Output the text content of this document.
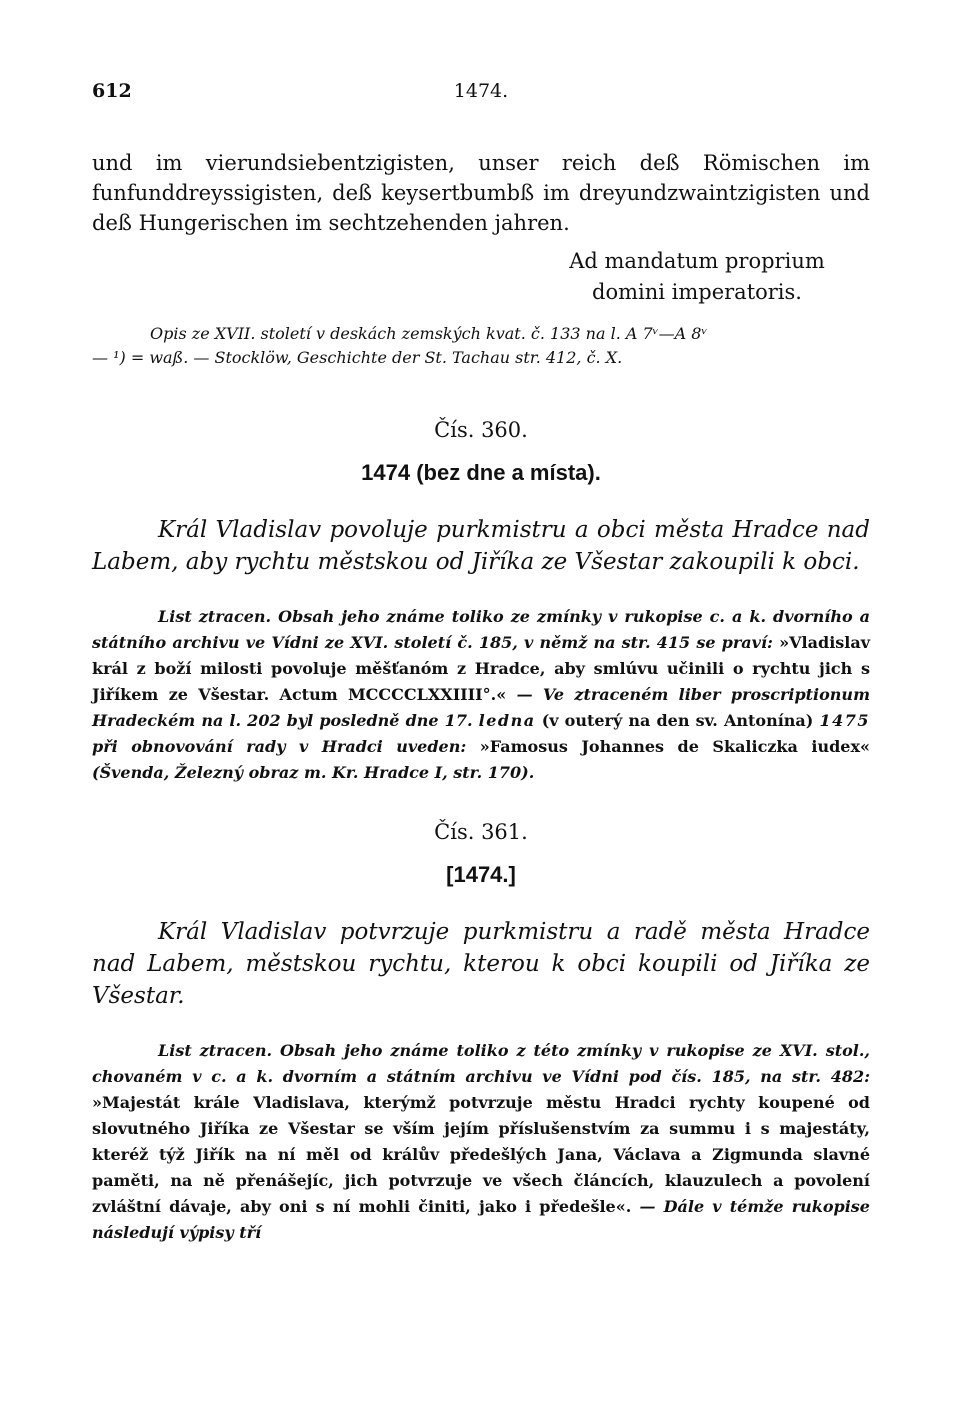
612	1474.

und im vierundsiebentzigisten, unser reich deß Römischen im funfunddreyssigisten, deß keysertbumbß im dreyundzwaintzigisten und deß Hungerischen im sechtzehenden jahren.

Ad mandatum proprium
domini imperatoris.
Opis ze XVII. století v deskách zemských kvat. č. 133 na l. A 7ᵛ—A 8ᵛ
— ¹) = waß. — Stocklöw, Geschichte der St. Tachau str. 412, č. X.
Čís. 360.
1474 (bez dne a místa).

Král Vladislav povoluje purkmistru a obci města Hradce nad Labem, aby rychtu městskou od Jiříka ze Všestar zakoupili k obci.

List ztracen. Obsah jeho známe toliko ze zmínky v rukopise c. a k. dvorního a státního archivu ve Vídni ze XVI. století č. 185, v němž na str. 415 se praví: »Vladislav král z boží milosti povoluje měšťanóm z Hradce, aby smlúvu učinili o rychtu jich s Jiříkem ze Všestar. Actum MCCCCLXXIIII°.« — Ve ztraceném liber proscriptionum Hradeckém na l. 202 byl posledně dne 17. ledna (v outerý na den sv. Antonína) 1475 při obnovování rady v Hradci uveden: »Famosus Johannes de Skaliczka iudex« (Švenda, Železný obraz m. Kr. Hradce I, str. 170).

Čís. 361.
[1474.]

Král Vladislav potvrzuje purkmistru a radě města Hradce nad Labem, městskou rychtu, kterou k obci koupili od Jiříka ze Všestar.

List ztracen. Obsah jeho známe toliko z této zmínky v rukopise ze XVI. stol., chovaném v c. a k. dvorním a státním archivu ve Vídni pod čís. 185, na str. 482: »Majestát krále Vladislava, kterýmž potvrzuje městu Hradci rychty koupené od slovutného Jiříka ze Všestar se vším jejím příslušenstvím za summu i s majestáty, kteréž týž Jiřík na ní měl od králův předešlých Jana, Václava a Zigmunda slavné paměti, na ně přenášejíc, jich potvrzuje ve všech článcích, klauzulech a povolení zvláštní dávaje, aby oni s ní mohli činiti, jako i předešle«. — Dále v témže rukopise následují výpisy tří
